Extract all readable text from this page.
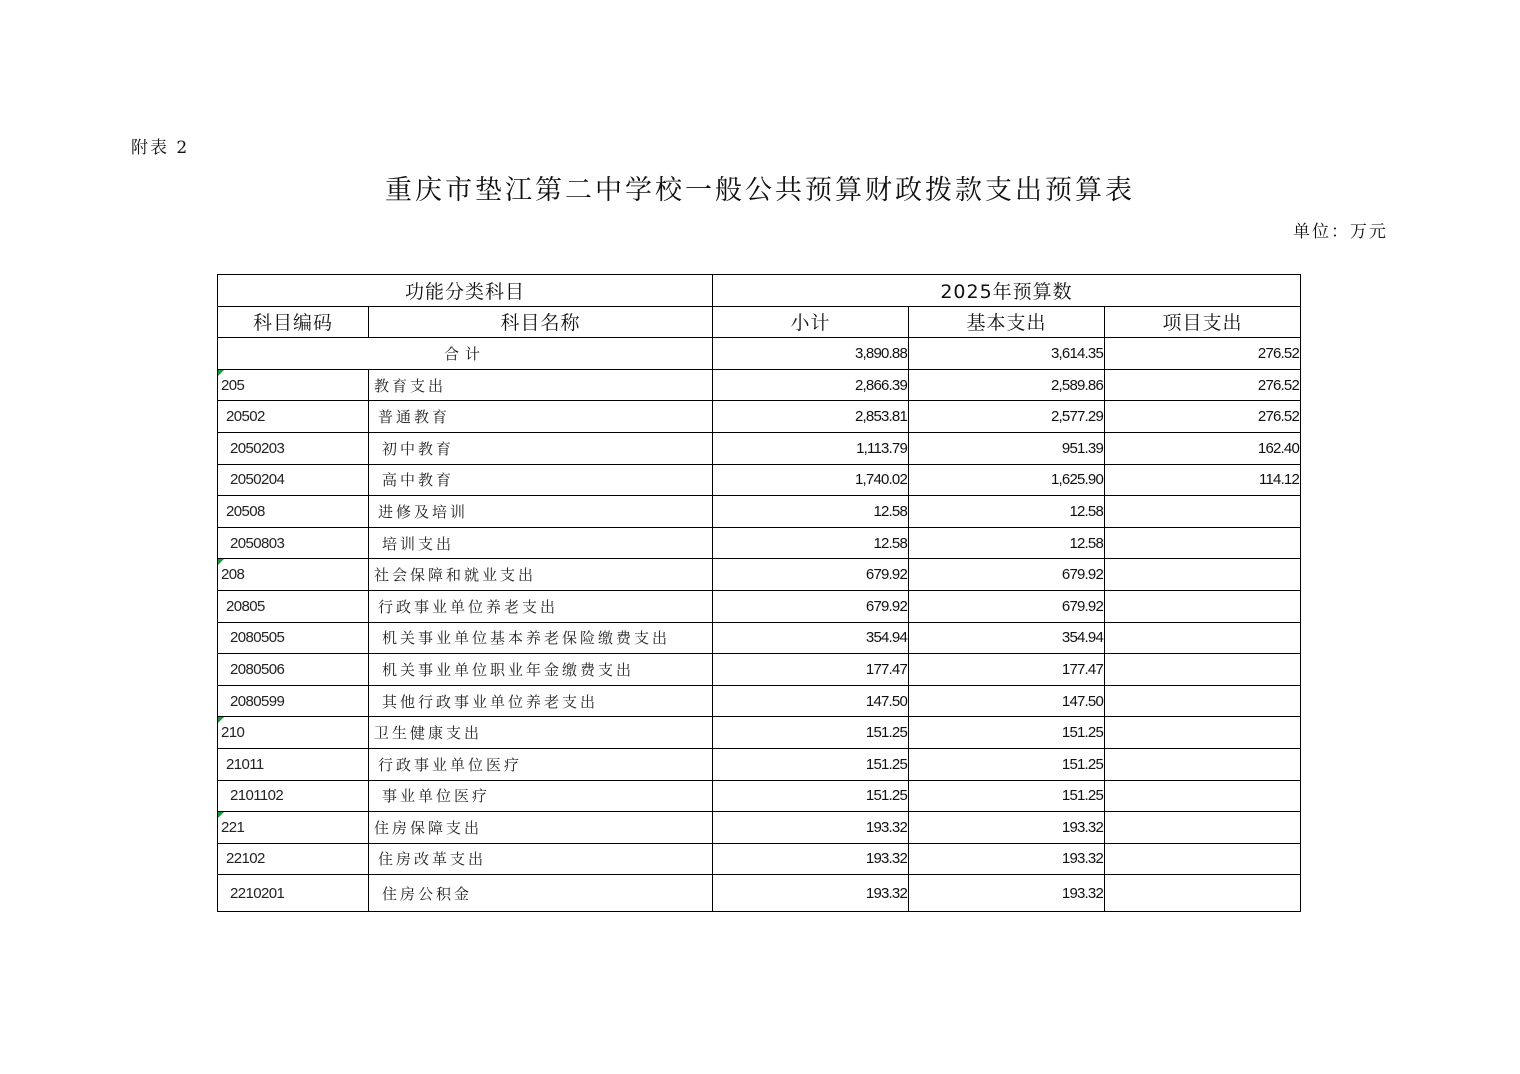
附表 2
重庆市垫江第二中学校一般公共预算财政拨款支出预算表
单位：万元
功能分类科目		2025年预算数		
科目编码	科目名称	小计	基本支出	项目支出
合计		3,890.88	3,614.35	276.52
205	教育支出	2,866.39	2,589.86	276.52
20502	普通教育	2,853.81	2,577.29	276.52
2050203	初中教育	1,113.79	951.39	162.40
2050204	高中教育	1,740.02	1,625.90	114.12
20508	进修及培训	12.58	12.58	
2050803	培训支出	12.58	12.58	
208	社会保障和就业支出	679.92	679.92	
20805	行政事业单位养老支出	679.92	679.92	
2080505	机关事业单位基本养老保险缴费支出	354.94	354.94	
2080506	机关事业单位职业年金缴费支出	177.47	177.47	
2080599	其他行政事业单位养老支出	147.50	147.50	
210	卫生健康支出	151.25	151.25	
21011	行政事业单位医疗	151.25	151.25	
2101102	事业单位医疗	151.25	151.25	
221	住房保障支出	193.32	193.32	
22102	住房改革支出	193.32	193.32	
2210201	住房公积金	193.32	193.32	
